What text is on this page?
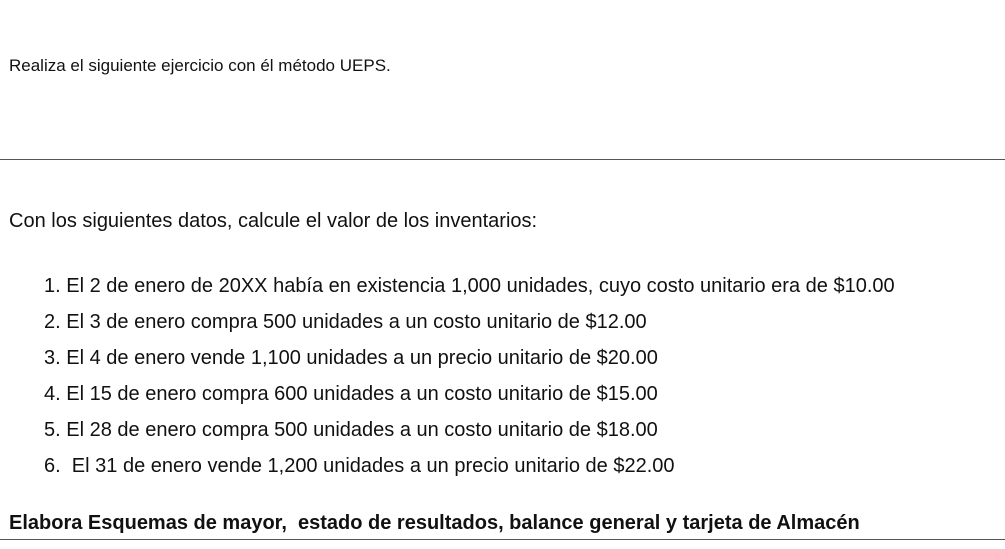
Realiza el siguiente ejercicio con él método UEPS.
Con los siguientes datos, calcule el valor de los inventarios:
1. El 2 de enero de 20XX había en existencia 1,000 unidades, cuyo costo unitario era de $10.00
2. El 3 de enero compra 500 unidades a un costo unitario de $12.00
3. El 4 de enero vende 1,100 unidades a un precio unitario de $20.00
4. El 15 de enero compra 600 unidades a un costo unitario de $15.00
5. El 28 de enero compra 500 unidades a un costo unitario de $18.00
6.  El 31 de enero vende 1,200 unidades a un precio unitario de $22.00
Elabora Esquemas de mayor,  estado de resultados, balance general y tarjeta de Almacén
